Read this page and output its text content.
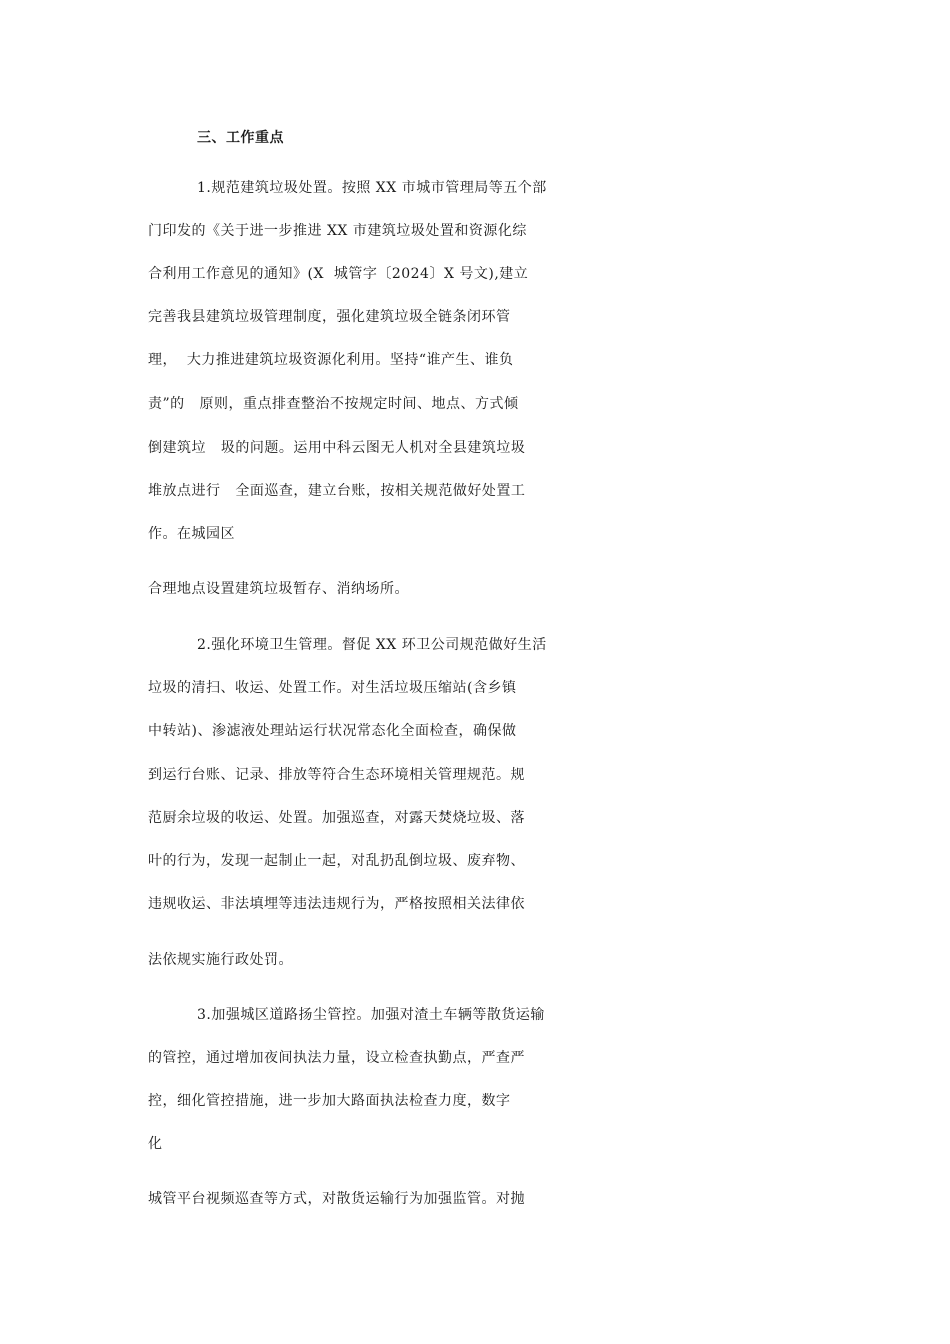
三、工作重点
1.规范建筑垃圾处置。按照 XX 市城市管理局等五个部
门印发的《关于进一步推进 XX 市建筑垃圾处置和资源化综
合利用工作意见的通知》(X  城管字〔2024〕X 号文),建立
完善我县建筑垃圾管理制度，强化建筑垃圾全链条闭环管
理，  大力推进建筑垃圾资源化利用。坚持“谁产生、谁负
责”的   原则，重点排查整治不按规定时间、地点、方式倾
倒建筑垃   圾的问题。运用中科云图无人机对全县建筑垃圾
堆放点进行   全面巡查，建立台账，按相关规范做好处置工
作。在城园区
合理地点设置建筑垃圾暂存、消纳场所。
2.强化环境卫生管理。督促 XX 环卫公司规范做好生活
垃圾的清扫、收运、处置工作。对生活垃圾压缩站(含乡镇
中转站)、渗滤液处理站运行状况常态化全面检查，确保做
到运行台账、记录、排放等符合生态环境相关管理规范。规
范厨余垃圾的收运、处置。加强巡查，对露天焚烧垃圾、落
叶的行为，发现一起制止一起，对乱扔乱倒垃圾、废弃物、
违规收运、非法填埋等违法违规行为，严格按照相关法律依
法依规实施行政处罚。
3.加强城区道路扬尘管控。加强对渣土车辆等散货运输
的管控，通过增加夜间执法力量，设立检查执勤点，严查严
控，细化管控措施，进一步加大路面执法检查力度，数字
化
城管平台视频巡查等方式，对散货运输行为加强监管。对抛
